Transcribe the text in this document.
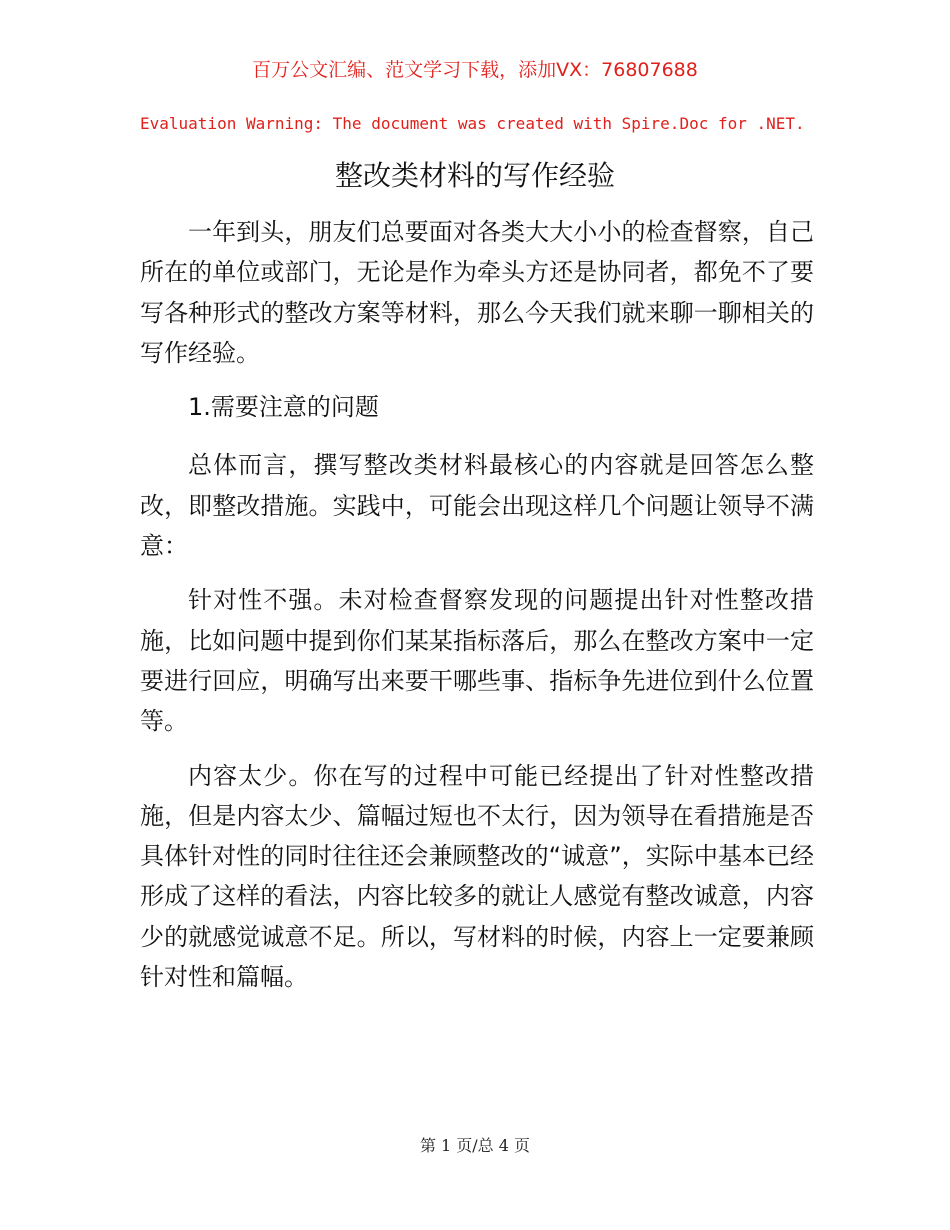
百万公文汇编、范文学习下载，添加VX：76807688
Evaluation Warning: The document was created with Spire.Doc for .NET.
整改类材料的写作经验

一年到头，朋友们总要面对各类大大小小的检查督察，自己所在的单位或部门，无论是作为牵头方还是协同者，都免不了要写各种形式的整改方案等材料，那么今天我们就来聊一聊相关的写作经验。

1.需要注意的问题

总体而言，撰写整改类材料最核心的内容就是回答怎么整改，即整改措施。实践中，可能会出现这样几个问题让领导不满意：

针对性不强。未对检查督察发现的问题提出针对性整改措施，比如问题中提到你们某某指标落后，那么在整改方案中一定要进行回应，明确写出来要干哪些事、指标争先进位到什么位置等。

内容太少。你在写的过程中可能已经提出了针对性整改措施，但是内容太少、篇幅过短也不太行，因为领导在看措施是否具体针对性的同时往往还会兼顾整改的“诚意”，实际中基本已经形成了这样的看法，内容比较多的就让人感觉有整改诚意，内容少的就感觉诚意不足。所以，写材料的时候，内容上一定要兼顾针对性和篇幅。

第 1 页/总 4 页
